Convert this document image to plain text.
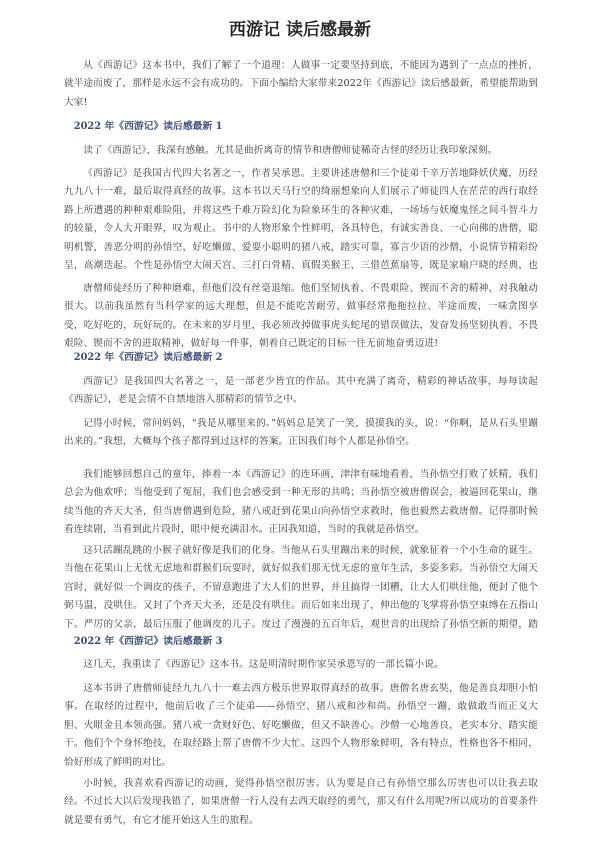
西游记 读后感最新

从《西游记》这本书中，我们了解了一个道理：人做事一定要坚持到底，不能因为遇到了一点点的挫折，就半途而废了，那样是永远不会有成功的。下面小编给大家带来2022年《西游记》读后感最新，希望能帮助到大家!

2022 年《西游记》读后感最新 1

读了《西游记》，我深有感触。尤其是曲折离奇的情节和唐僧师徒稀奇古怪的经历让我印象深刻。

《西游记》是我国古代四大名著之一，作者吴承恩。主要讲述唐僧和三个徒弟千辛万苦地降妖伏魔，历经九九八十一难，最后取得真经的故事。这本书以天马行空的绮丽想象向人们展示了师徒四人在茫茫的西行取经路上所遭遇的种种艰难险阻，并将这些千难万险幻化为险象环生的各种灾难，一场场与妖魔鬼怪之间斗智斗力的较量，令人大开眼界，叹为观止。书中的人物形象个性鲜明，各具特色，有诚实善良、一心向佛的唐僧，聪明机警，善恶分明的孙悟空，好吃懒做、爱耍小聪明的猪八戒，踏实可靠，寡言少语的沙僧，小说情节精彩纷呈，高潮迭起。个性是孙悟空大闹天宫、三打白骨精、真假美猴王、三借芭蕉扇等，既是家喻户晓的经典，也

唐僧师徒经历了种种磨难，但他们没有丝毫退缩。他们坚韧执着、不畏艰险、锲而不舍的精神，对我触动很大。以前我虽然有当科学家的远大理想，但是不能吃苦耐劳，做事经常拖拖拉拉、半途而废，一味贪图享受，吃好吃的，玩好玩的。在未来的岁月里，我必须改掉做事虎头蛇尾的错误做法，发奋发扬坚韧执着、不畏艰险、锲而不舍的进取精神，做好每一件事，朝着自己既定的目标一往无前地奋勇迈进!

2022 年《西游记》读后感最新 2

西游记》是我国四大名著之一，是一部老少皆宜的作品。其中充满了离奇，精彩的神话故事，每每读起《西游记》，老是会情不自禁地溶入那精彩的情节之中。

记得小时候，常问妈妈，“我是从哪里来的。”妈妈总是笑了一笑，摸摸我的头，说：“你啊，是从石头里蹦出来的。”我想，大概每个孩子都得到过这样的答案。正因我们每个人都是孙悟空。

我们能够回想自己的童年，捧着一本《西游记》的连环画，津津有味地看着，当孙悟空打败了妖精，我们总会为他欢呼；当他受到了冤屈，我们也会感受到一种无形的共鸣；当孙悟空被唐僧误会，被逼回花果山，继续当他的齐天大圣，但当唐僧遇到危险，猪八戒赶到花果山向孙悟空求救时，他也毅然去救唐僧。记得那时候看连续剧，当看到此片段时，眼中便充满泪水。正因我知道，当时的我就是孙悟空。

这只活蹦乱跳的小猴子就好像是我们的化身。当他从石头里蹦出来的时候，就象征着一个小生命的诞生。当他在花果山上无忧无虑地和群猴们玩耍时，就好似我们那无忧无虑的童年生活，多姿多彩。当孙悟空大闹天宫时，就好似一个调皮的孩子，不留意跑进了大人们的世界，并且搞得一团糟，让大人们哄住他，便封了他个弼马温，没哄住。又封了个齐天大圣，还是没有哄住。而后如来出现了，伸出他的飞掌将孙悟空束缚在五指山下。严厉的父亲，最后压服了他调皮的儿子。度过了漫漫的五百年后，观世音的出现给了孙悟空新的期望，踏

2022 年《西游记》读后感最新 3

这几天，我重读了《西游记》这本书。这是明清时期作家吴承恩写的一部长篇小说。

这本书讲了唐僧师徒经九九八十一难去西方极乐世界取得真经的故事。唐僧名唐玄奘，他是善良却胆小怕事。在取经的过程中，他前后收了三个徒弟——孙悟空、猪八戒和沙和尚。孙悟空一蹦，敢做敢当而正义大胆、火眼金且本领高强。猪八戒一贪财好色、好吃懒做，但又不缺善心。沙僧一心地善良，老实本分、踏实能干。他们个个身怀绝技，在取经路上帮了唐僧不少大忙。这四个人物形象鲜明，各有特点，性格也各不相同，恰好形成了鲜明的对比。

小时候，我喜欢看西游记的动画，觉得孙悟空很厉害。认为要是自己有孙悟空那么厉害也可以让我去取经。不过长大以后发现我错了，如果唐僧一行人没有去西天取经的勇气，那又有什么用呢?所以成功的首要条件就是要有勇气，有它才能开始这人生的旅程。
